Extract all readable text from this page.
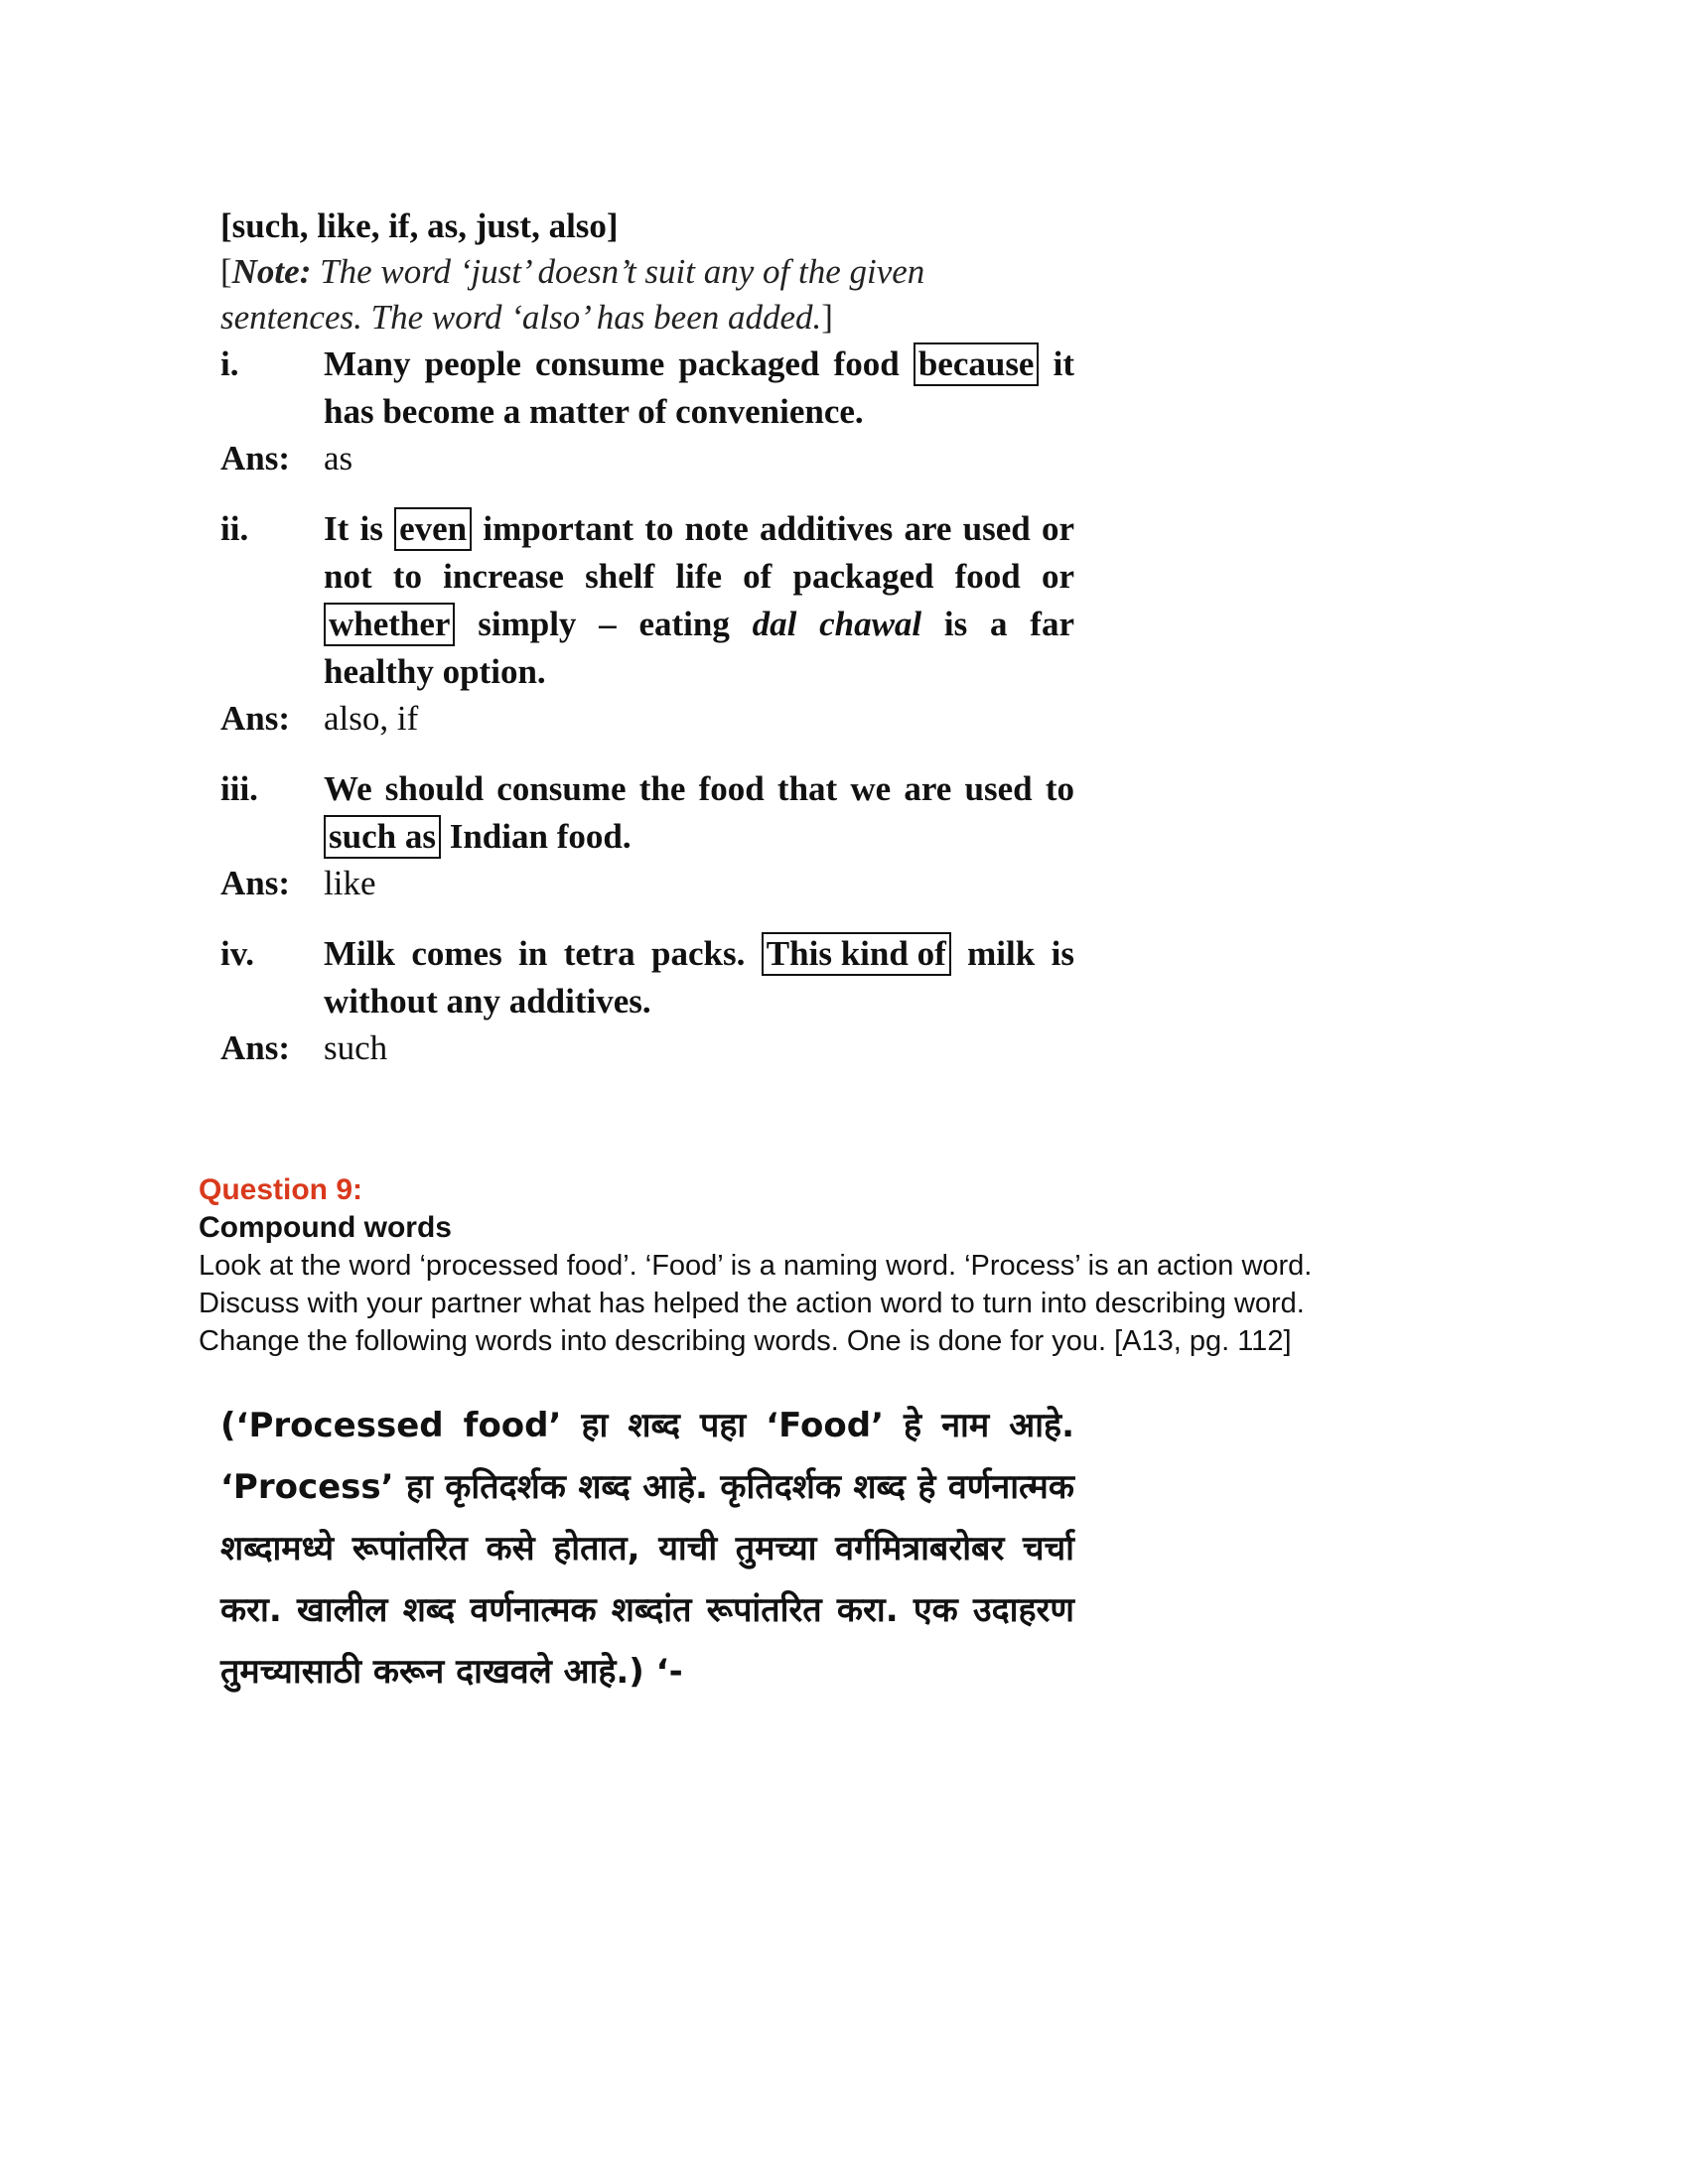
[such, like, if, as, just, also]
[Note: The word ‘just’ doesn’t suit any of the given sentences. The word ‘also’ has been added.]
i.	Many people consume packaged food because it has become a matter of convenience.
Ans: as
ii.	It is even important to note additives are used or not to increase shelf life of packaged food or whether simply – eating dal chawal is a far healthy option.
Ans: also, if
iii.	We should consume the food that we are used to such as Indian food.
Ans: like
iv.	Milk comes in tetra packs. This kind of milk is without any additives.
Ans: such
Question 9:
Compound words
Look at the word ‘processed food’. ‘Food’ is a naming word. ‘Process’ is an action word.
Discuss with your partner what has helped the action word to turn into describing word.
Change the following words into describing words. One is done for you. [A13, pg. 112]
(‘Processed food’ हा शब्द पहा ‘Food’ हे नाम आहे. ‘Process’ हा कृतिदर्शक शब्द आहे. कृतिदर्शक शब्द हे वर्णनात्मक शब्दामध्ये रूपांतरित कसे होतात, याची तुमच्या वर्गमित्राबरोबर चर्चा करा. खालील शब्द वर्णनात्मक शब्दांत रूपांतरित करा. एक उदाहरण तुमच्यासाठी करून दाखवले आहे.) ‘-
